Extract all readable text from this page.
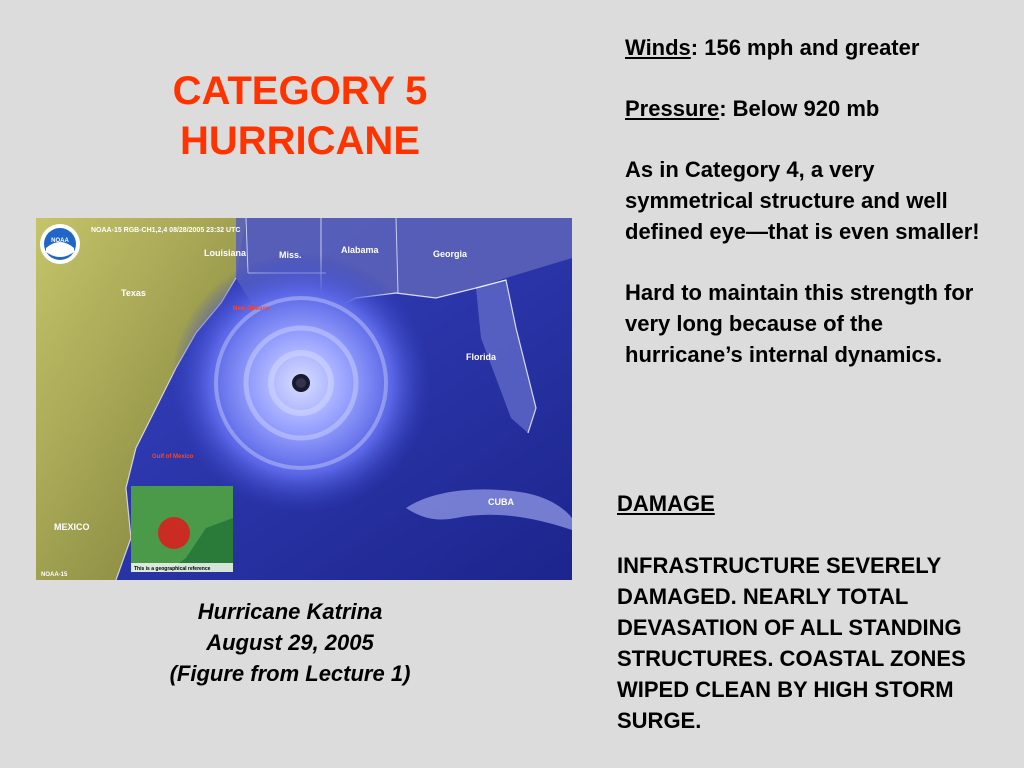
CATEGORY 5
HURRICANE
NOAA
NOAA-15 RGB-CH1,2,4 08/28/2005 23:32 UTC
Texas
Louisiana	Miss.	Alabama	Georgia
Florida
CUBA
MEXICO
New Orleans
Gulf of Mexico
This is a geographical reference
NOAA-15
Hurricane Katrina
August 29, 2005
(Figure from Lecture 1)

Winds: 156 mph and greater

Pressure: Below 920 mb

As in Category 4, a very symmetrical structure and well defined eye—that is even smaller!

Hard to maintain this strength for very long because of the hurricane’s internal dynamics.

DAMAGE

INFRASTRUCTURE SEVERELY DAMAGED. NEARLY TOTAL DEVASATION OF ALL STANDING STRUCTURES. COASTAL ZONES WIPED CLEAN BY HIGH STORM SURGE.
